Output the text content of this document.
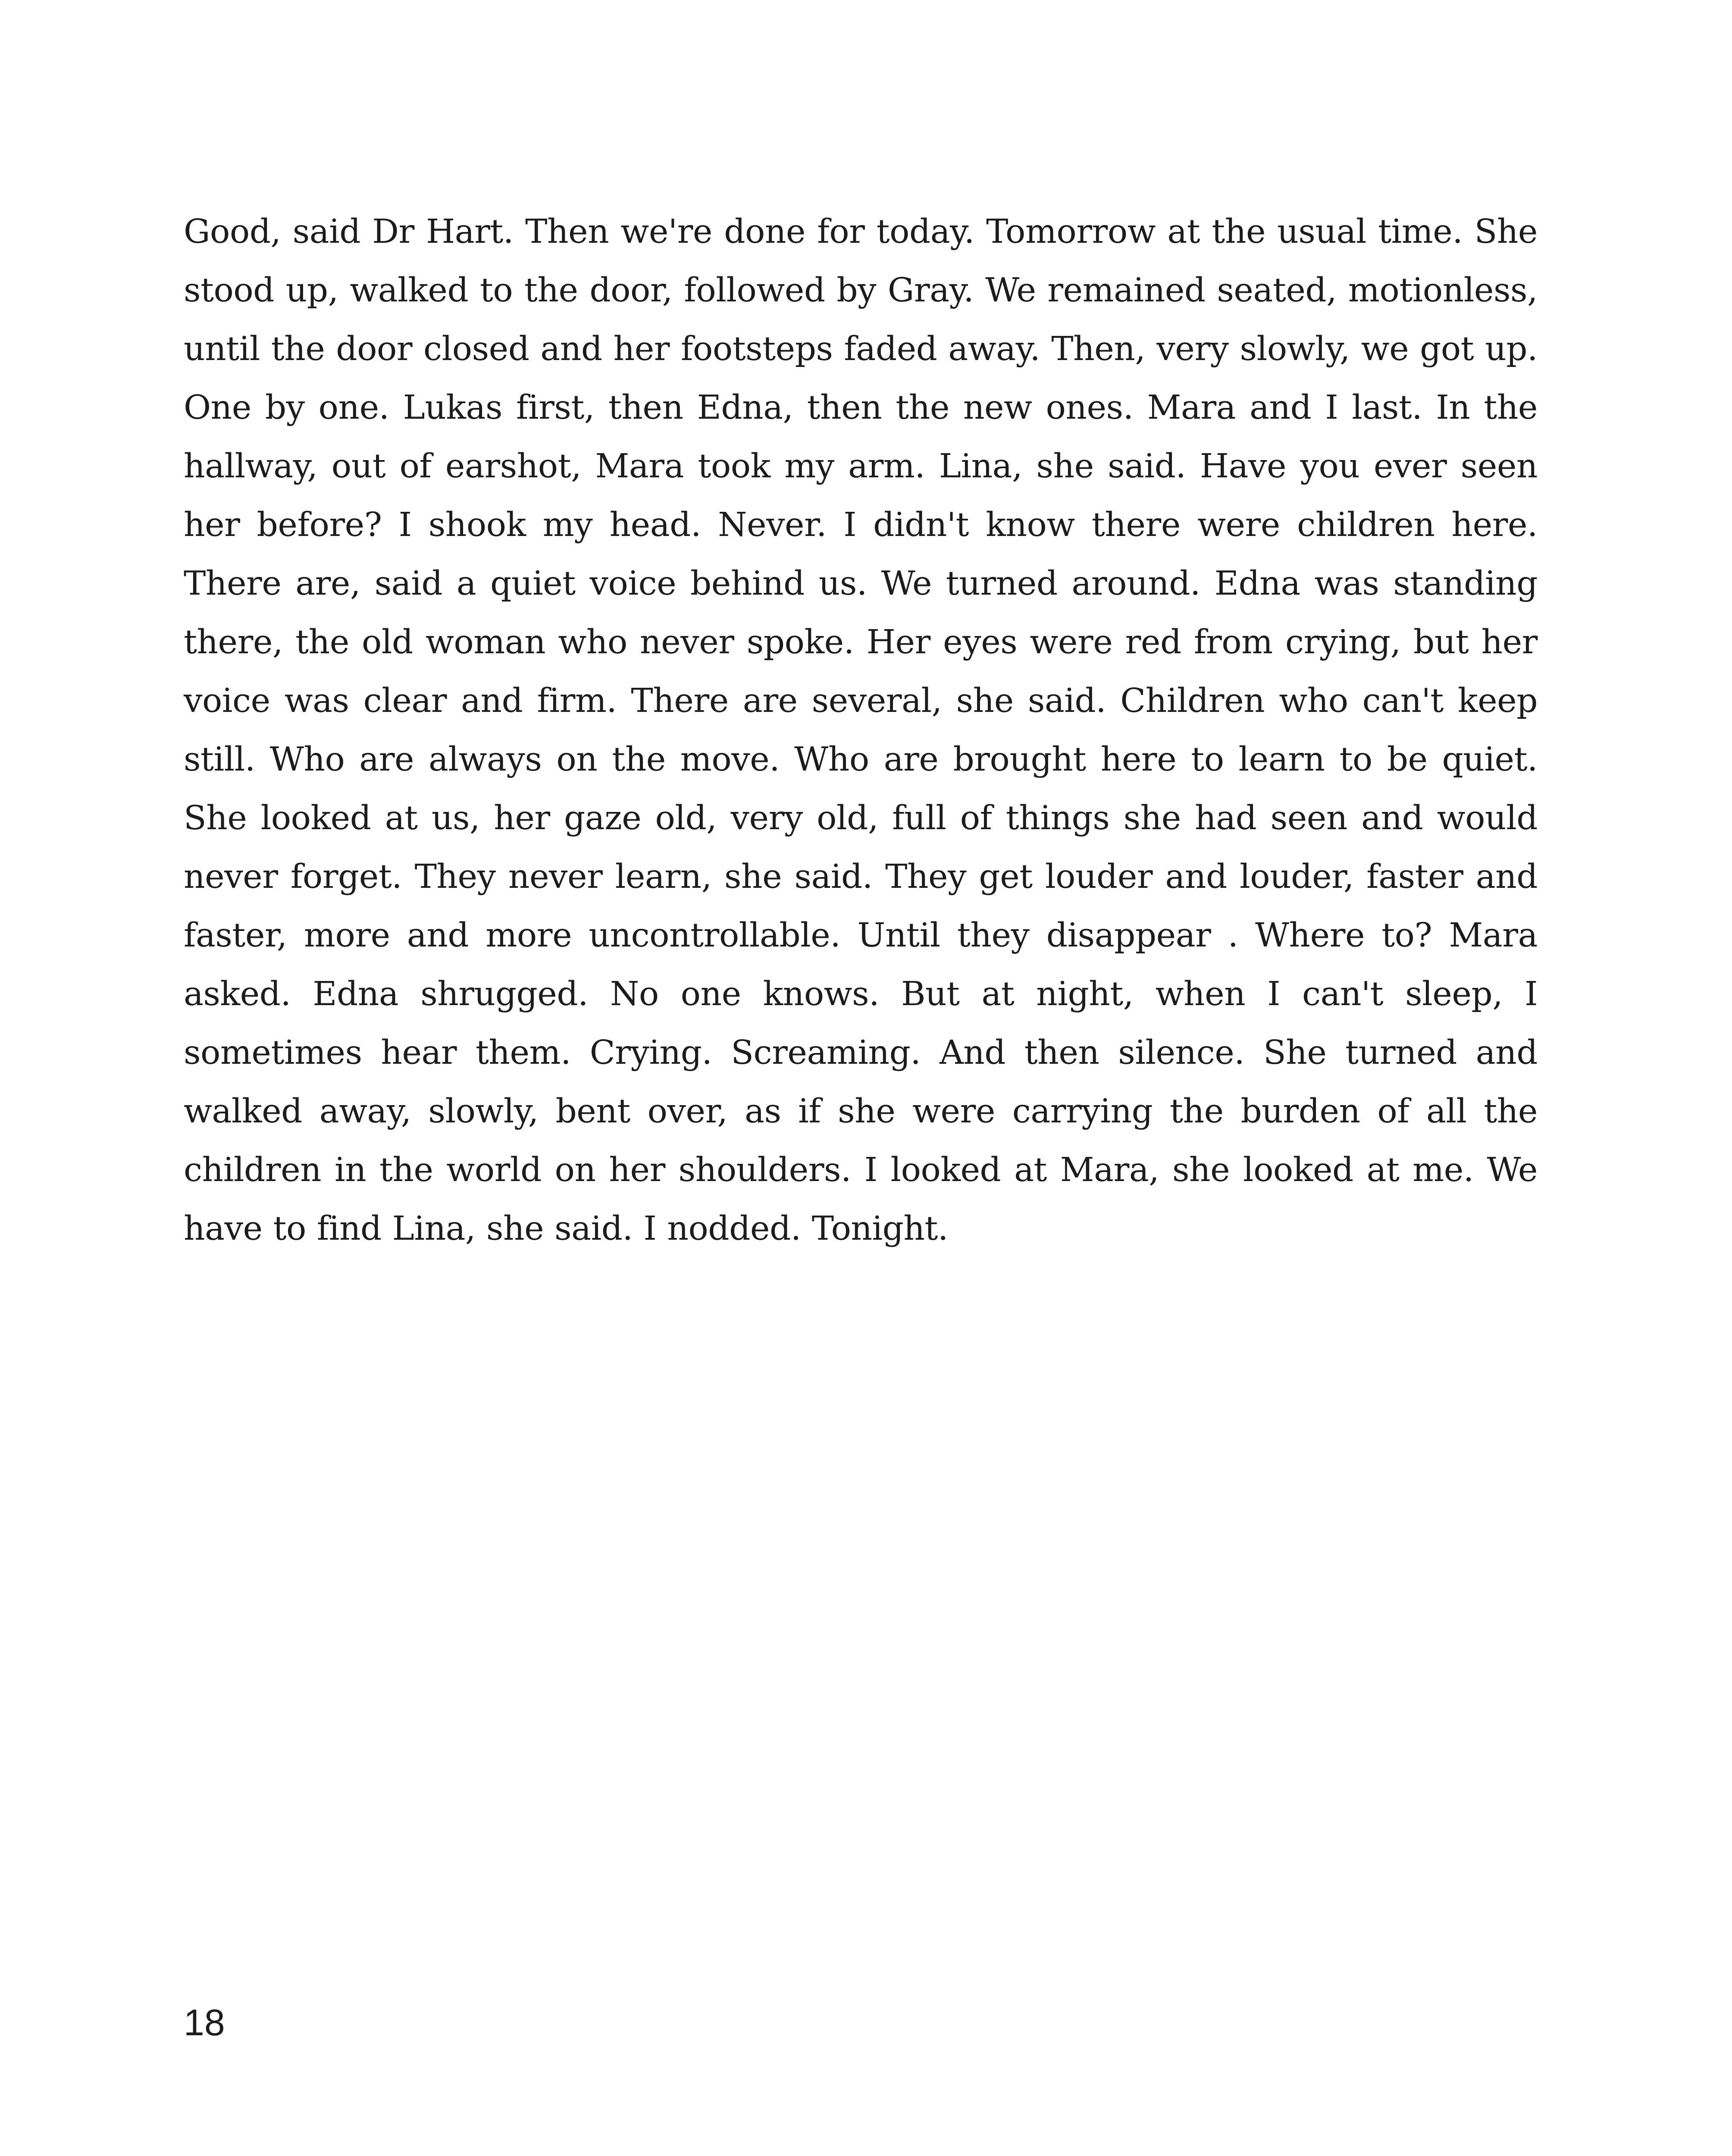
Good, said Dr Hart. Then we're done for today. Tomorrow at the usual time. She stood up, walked to the door, followed by Gray. We remained seated, motionless, until the door closed and her footsteps faded away. Then, very slowly, we got up. One by one. Lukas first, then Edna, then the new ones. Mara and I last. In the hallway, out of earshot, Mara took my arm. Lina, she said. Have you ever seen her before? I shook my head. Never. I didn't know there were children here. There are, said a quiet voice behind us. We turned around. Edna was standing there, the old woman who never spoke. Her eyes were red from crying, but her voice was clear and firm. There are several, she said. Children who can't keep still. Who are always on the move. Who are brought here to learn to be quiet. She looked at us, her gaze old, very old, full of things she had seen and would never forget. They never learn, she said. They get louder and louder, faster and faster, more and more uncontrollable. Until they disappear . Where to? Mara asked. Edna shrugged. No one knows. But at night, when I can't sleep, I sometimes hear them. Crying. Screaming. And then silence. She turned and walked away, slowly, bent over, as if she were carrying the burden of all the children in the world on her shoulders. I looked at Mara, she looked at me. We have to find Lina, she said. I nodded. Tonight.

18
